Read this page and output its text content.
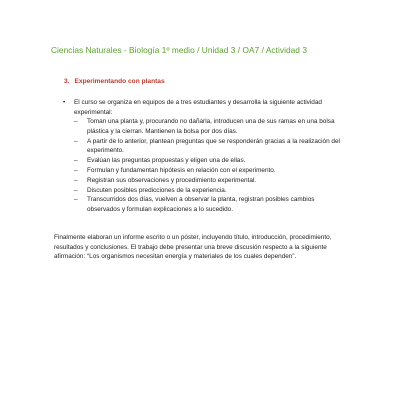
Ciencias Naturales - Biología 1º medio / Unidad 3 / OA7 / Actividad 3
3. Experimentando con plantas
• El curso se organiza en equipos de a tres estudiantes y desarrolla la siguiente actividad experimental:
– Toman una planta y, procurando no dañarla, introducen una de sus ramas en una bolsa plástica y la cierran. Mantienen la bolsa por dos días.
– A partir de lo anterior, plantean preguntas que se responderán gracias a la realización del experimento.
– Evalúan las preguntas propuestas y eligen una de ellas.
– Formulan y fundamentan hipótesis en relación con el experimento.
– Registran sus observaciones y procedimiento experimental.
– Discuten posibles predicciones de la experiencia.
– Transcurridos dos días, vuelven a observar la planta, registran posibles cambios observados y formulan explicaciones a lo sucedido.
Finalmente elaboran un informe escrito o un póster, incluyendo título, introducción, procedimiento, resultados y conclusiones. El trabajo debe presentar una breve discusión respecto a la siguiente afirmación: “Los organismos necesitan energía y materiales de los cuales dependen”.
